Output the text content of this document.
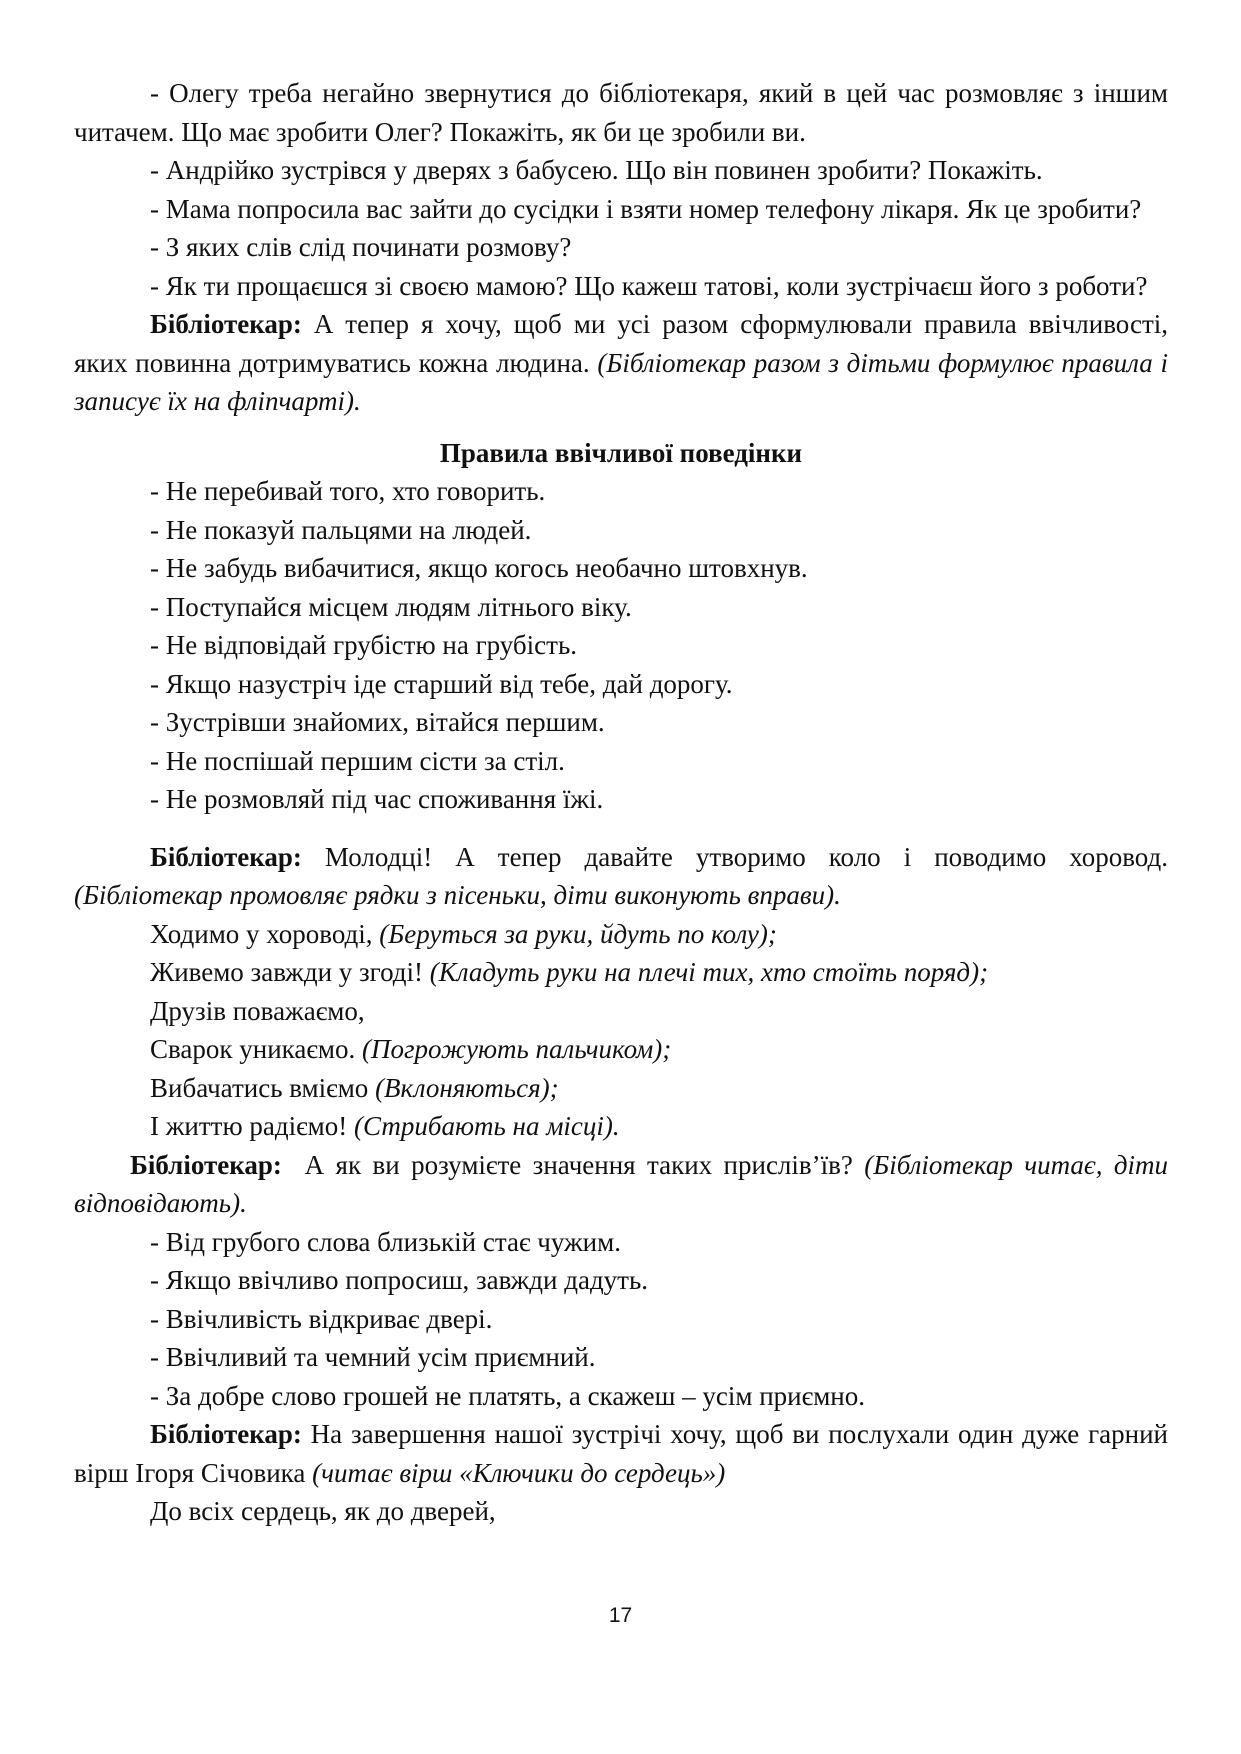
- Олегу треба негайно звернутися до бібліотекаря, який в цей час розмовляє з іншим читачем. Що має зробити Олег? Покажіть, як би це зробили ви.

- Андрійко зустрівся у дверях з бабусею. Що він повинен зробити? Покажіть.

- Мама попросила вас зайти до сусідки і взяти номер телефону лікаря. Як це зробити?

- З яких слів слід починати розмову?

- Як ти прощаєшся зі своєю мамою? Що кажеш татові, коли зустрічаєш його з роботи?

Бібліотекар: А тепер я хочу, щоб ми усі разом сформулювали правила ввічливості, яких повинна дотримуватись кожна людина. (Бібліотекар разом з дітьми формулює правила і записує їх на фліпчарті).

Правила ввічливої поведінки

- Не перебивай того, хто говорить.

- Не показуй пальцями на людей.

- Не забудь вибачитися, якщо когось необачно штовхнув.

- Поступайся місцем людям літнього віку.

- Не відповідай грубістю на грубість.

- Якщо назустріч іде старший від тебе, дай дорогу.

- Зустрівши знайомих, вітайся першим.

- Не поспішай першим сісти за стіл.

- Не розмовляй під час споживання їжі.

Бібліотекар: Молодці! А тепер давайте утворимо коло і поводимо хоровод. (Бібліотекар промовляє рядки з пісеньки, діти виконують вправи).

Ходимо у хороводі, (Беруться за руки, йдуть по колу);

Живемо завжди у згоді! (Кладуть руки на плечі тих, хто стоїть поряд);

Друзів поважаємо,

Сварок уникаємо. (Погрожують пальчиком);

Вибачатись вміємо (Вклоняються);

І життю радіємо! (Стрибають на місці).

Бібліотекар:  А як ви розумієте значення таких прислів’їв? (Бібліотекар читає, діти відповідають).

- Від грубого слова близькій стає чужим.

- Якщо ввічливо попросиш, завжди дадуть.

- Ввічливість відкриває двері.

- Ввічливий та чемний усім приємний.

- За добре слово грошей не платять, а скажеш – усім приємно.

Бібліотекар: На завершення нашої зустрічі хочу, щоб ви послухали один дуже гарний вірш Ігоря Січовика (читає вірш «Ключики до сердець»)

До всіх сердець, як до дверей,

17
